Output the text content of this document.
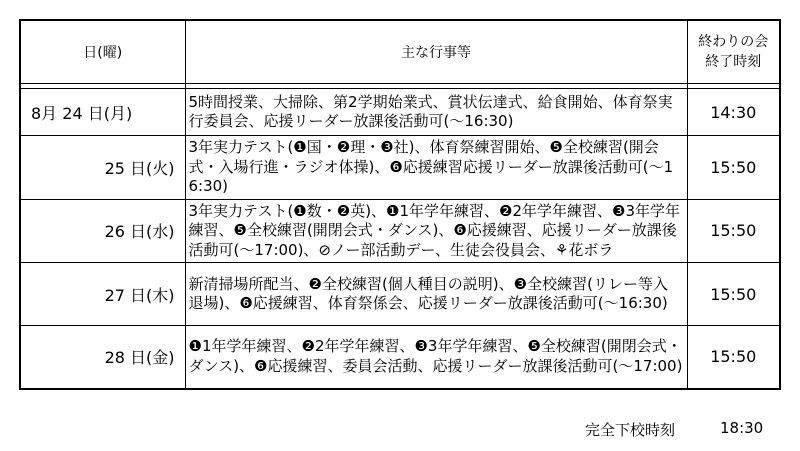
日(曜)	主な行事等	終わりの会
終了時刻

8月 24 日(月)	5時間授業、大掃除、第2学期始業式、賞状伝達式、給食開始、体育祭実行委員会、応援リーダー放課後活動可(～16:30)	14:30
25 日(火)	3年実力テスト(❶国・❷理・❸社)、体育祭練習開始、❺全校練習(開会式・入場行進・ラジオ体操)、❻応援練習応援リーダー放課後活動可(～16:30)	15:50
26 日(水)	3年実力テスト(❶数・❷英)、❶1年学年練習、❷2年学年練習、❸3年学年練習、❺全校練習(開閉会式・ダンス)、❻応援練習、応援リーダー放課後活動可(～17:00)、⊘ノー部活動デー、生徒会役員会、⚘花ボラ	15:50
27 日(木)	新清掃場所配当、❷全校練習(個人種目の説明)、❸全校練習(リレー等入退場)、❻応援練習、体育祭係会、応援リーダー放課後活動可(～16:30)	15:50
28 日(金)	❶1年学年練習、❷2年学年練習、❸3年学年練習、❺全校練習(開閉会式・ダンス)、❻応援練習、委員会活動、応援リーダー放課後活動可(～17:00)	15:50
完全下校時刻	18:30
